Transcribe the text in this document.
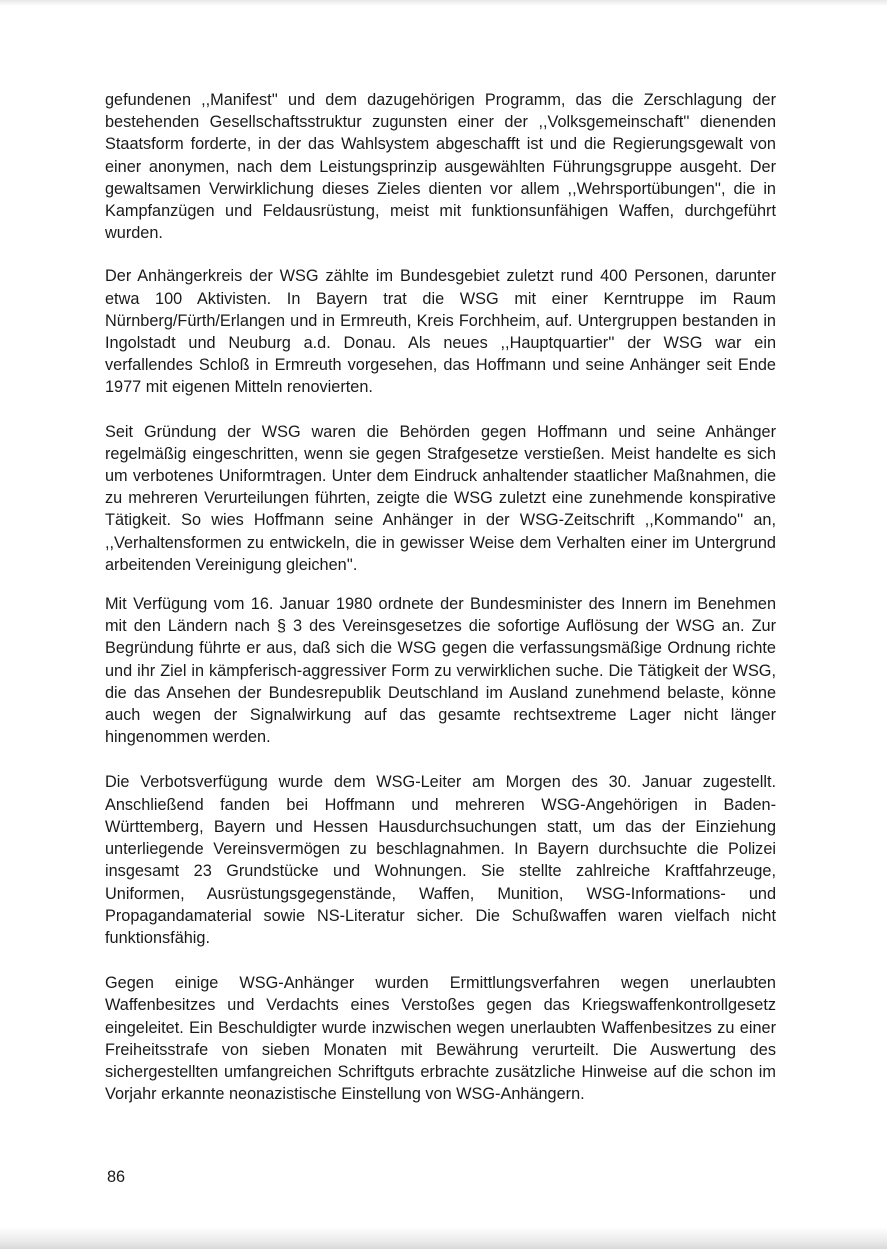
gefundenen ,,Manifest'' und dem dazugehörigen Programm, das die Zerschlagung der bestehenden Gesellschaftsstruktur zugunsten einer der ,,Volksgemeinschaft'' dienenden Staatsform forderte, in der das Wahlsystem abgeschafft ist und die Regierungsgewalt von einer anonymen, nach dem Leistungsprinzip ausgewählten Führungsgruppe ausgeht. Der gewaltsamen Verwirklichung dieses Zieles dienten vor allem ,,Wehrsportübungen'', die in Kampfanzügen und Feldausrüstung, meist mit funktionsunfähigen Waffen, durchgeführt wurden.

Der Anhängerkreis der WSG zählte im Bundesgebiet zuletzt rund 400 Personen, darunter etwa 100 Aktivisten. In Bayern trat die WSG mit einer Kerntruppe im Raum Nürnberg/Fürth/Erlangen und in Ermreuth, Kreis Forchheim, auf. Untergruppen bestanden in Ingolstadt und Neuburg a.d. Donau. Als neues ,,Hauptquartier'' der WSG war ein verfallendes Schloß in Ermreuth vorgesehen, das Hoffmann und seine Anhänger seit Ende 1977 mit eigenen Mitteln renovierten.

Seit Gründung der WSG waren die Behörden gegen Hoffmann und seine Anhänger regelmäßig eingeschritten, wenn sie gegen Strafgesetze verstießen. Meist handelte es sich um verbotenes Uniformtragen. Unter dem Eindruck anhaltender staatlicher Maßnahmen, die zu mehreren Verurteilungen führten, zeigte die WSG zuletzt eine zunehmende konspirative Tätigkeit. So wies Hoffmann seine Anhänger in der WSG-Zeitschrift ,,Kommando'' an, ,,Verhaltensformen zu entwickeln, die in gewisser Weise dem Verhalten einer im Untergrund arbeitenden Vereinigung gleichen''.

Mit Verfügung vom 16. Januar 1980 ordnete der Bundesminister des Innern im Benehmen mit den Ländern nach § 3 des Vereinsgesetzes die sofortige Auflösung der WSG an. Zur Begründung führte er aus, daß sich die WSG gegen die verfassungsmäßige Ordnung richte und ihr Ziel in kämpferisch-aggressiver Form zu verwirklichen suche. Die Tätigkeit der WSG, die das Ansehen der Bundesrepublik Deutschland im Ausland zunehmend belaste, könne auch wegen der Signalwirkung auf das gesamte rechtsextreme Lager nicht länger hingenommen werden.

Die Verbotsverfügung wurde dem WSG-Leiter am Morgen des 30. Januar zugestellt. Anschließend fanden bei Hoffmann und mehreren WSG-Angehörigen in Baden-Württemberg, Bayern und Hessen Hausdurchsuchungen statt, um das der Einziehung unterliegende Vereinsvermögen zu beschlagnahmen. In Bayern durchsuchte die Polizei insgesamt 23 Grundstücke und Wohnungen. Sie stellte zahlreiche Kraftfahrzeuge, Uniformen, Ausrüstungsgegenstände, Waffen, Munition, WSG-Informations- und Propagandamaterial sowie NS-Literatur sicher. Die Schußwaffen waren vielfach nicht funktionsfähig.

Gegen einige WSG-Anhänger wurden Ermittlungsverfahren wegen unerlaubten Waffenbesitzes und Verdachts eines Verstoßes gegen das Kriegswaffenkontrollgesetz eingeleitet. Ein Beschuldigter wurde inzwischen wegen unerlaubten Waffenbesitzes zu einer Freiheitsstrafe von sieben Monaten mit Bewährung verurteilt. Die Auswertung des sichergestellten umfangreichen Schriftguts erbrachte zusätzliche Hinweise auf die schon im Vorjahr erkannte neonazistische Einstellung von WSG-Anhängern.

86
